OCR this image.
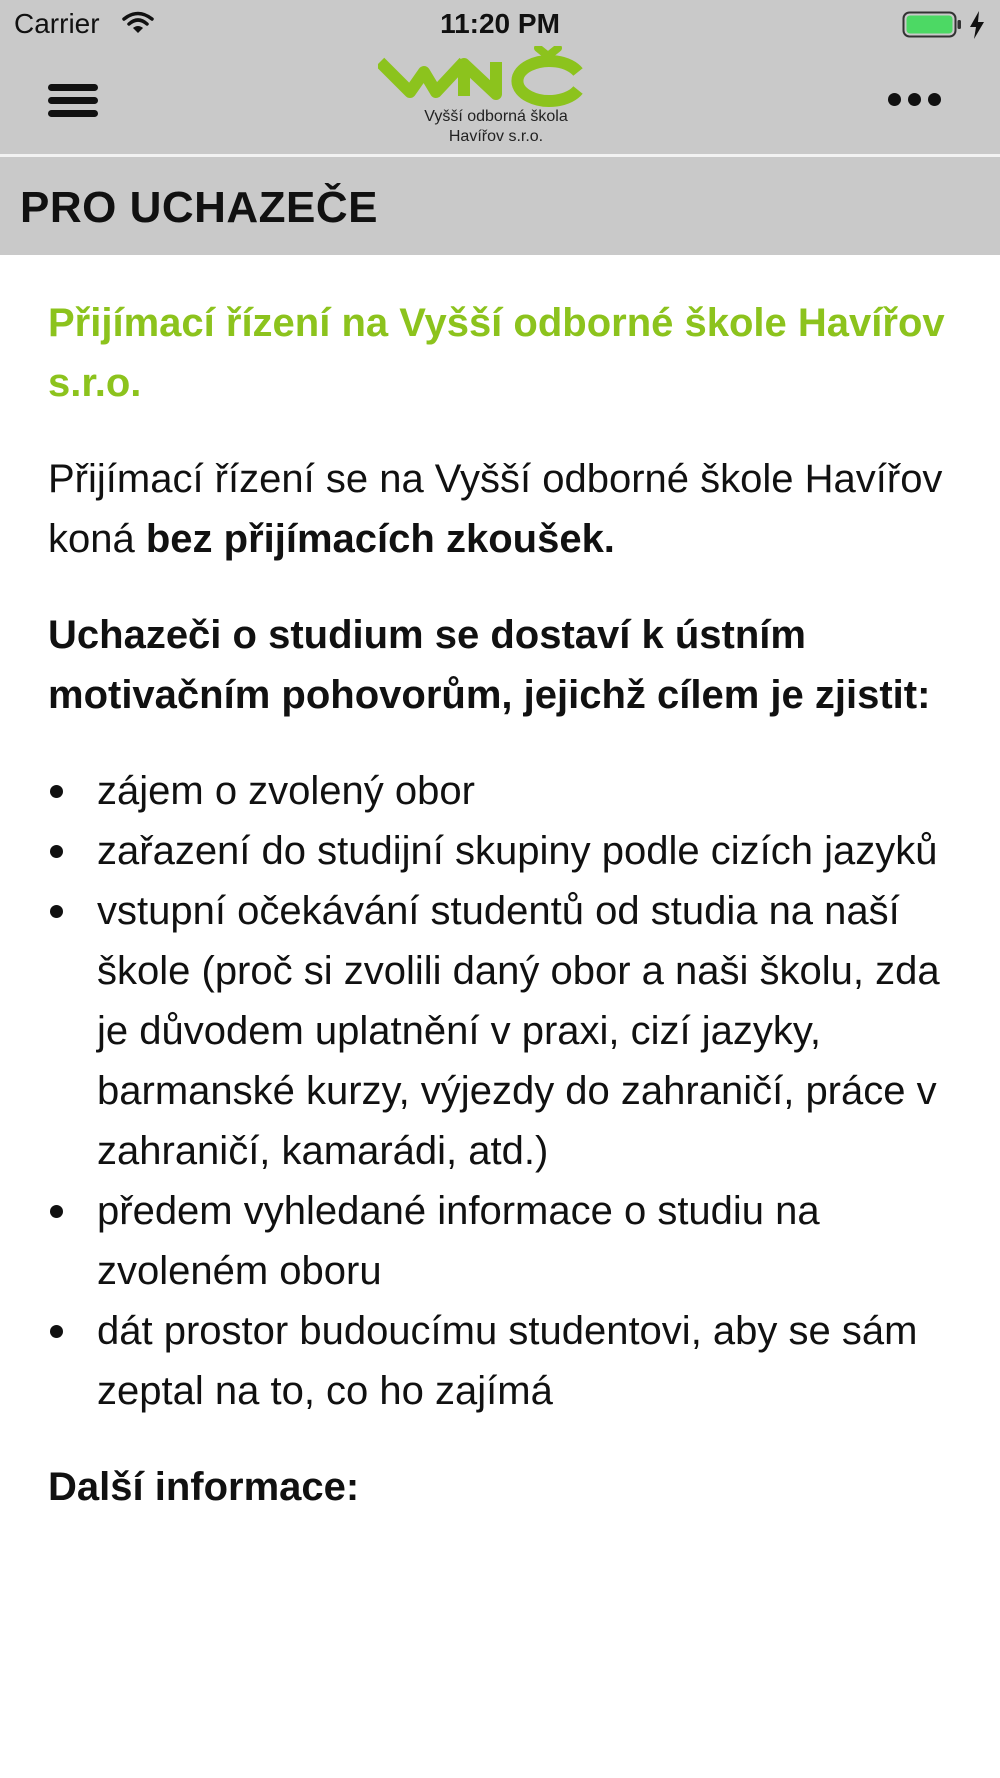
Carrier	11:20 PM
Vyšší odborná škola
Havířov s.r.o.
PRO UCHAZEČE
Přijímací řízení na Vyšší odborné škole Havířov s.r.o.

Přijímací řízení se na Vyšší odborné škole Havířov koná bez přijímacích zkoušek.

Uchazeči o studium se dostaví k ústním motivačním pohovorům, jejichž cílem je zjistit:

zájem o zvolený obor
zařazení do studijní skupiny podle cizích jazyků
vstupní očekávání studentů od studia na naší škole (proč si zvolili daný obor a naši školu, zda je důvodem uplatnění v praxi, cizí jazyky, barmanské kurzy, výjezdy do zahraničí, práce v zahraničí, kamarádi, atd.)
předem vyhledané informace o studiu na zvoleném oboru
dát prostor budoucímu studentovi, aby se sám zeptal na to, co ho zajímá

Další informace:
